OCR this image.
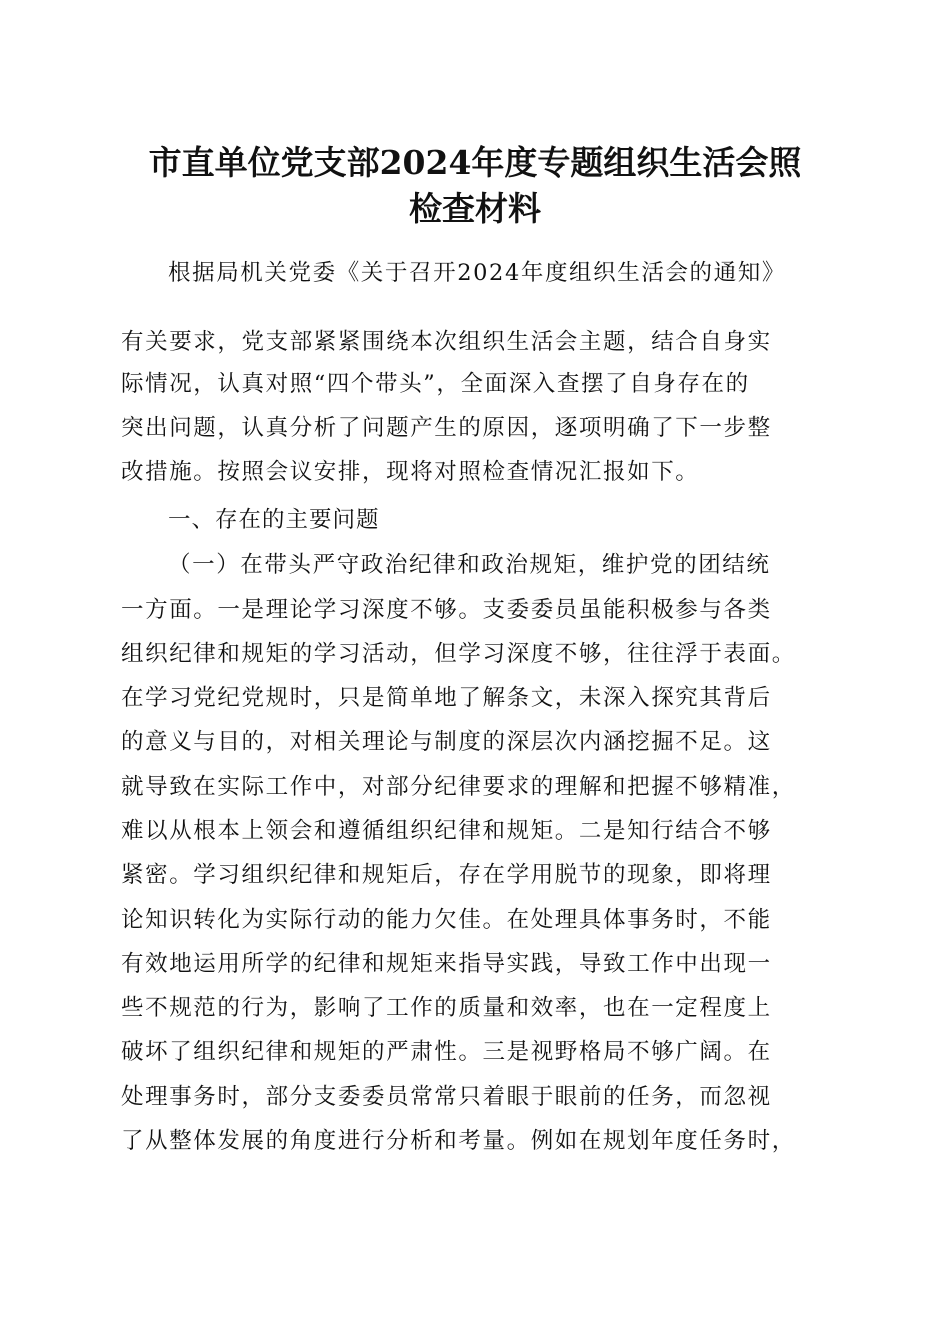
市直单位党支部2024年度专题组织生活会照
检查材料
根据局机关党委《关于召开2024年度组织生活会的通知》
有关要求，党支部紧紧围绕本次组织生活会主题，结合自身实
际情况，认真对照“四个带头”，全面深入查摆了自身存在的
突出问题，认真分析了问题产生的原因，逐项明确了下一步整
改措施。按照会议安排，现将对照检查情况汇报如下。
一、存在的主要问题
（一）在带头严守政治纪律和政治规矩，维护党的团结统
一方面。一是理论学习深度不够。支委委员虽能积极参与各类
组织纪律和规矩的学习活动，但学习深度不够，往往浮于表面。
在学习党纪党规时，只是简单地了解条文，未深入探究其背后
的意义与目的，对相关理论与制度的深层次内涵挖掘不足。这
就导致在实际工作中，对部分纪律要求的理解和把握不够精准，
难以从根本上领会和遵循组织纪律和规矩。二是知行结合不够
紧密。学习组织纪律和规矩后，存在学用脱节的现象，即将理
论知识转化为实际行动的能力欠佳。在处理具体事务时，不能
有效地运用所学的纪律和规矩来指导实践，导致工作中出现一
些不规范的行为，影响了工作的质量和效率，也在一定程度上
破坏了组织纪律和规矩的严肃性。三是视野格局不够广阔。在
处理事务时，部分支委委员常常只着眼于眼前的任务，而忽视
了从整体发展的角度进行分析和考量。例如在规划年度任务时，
